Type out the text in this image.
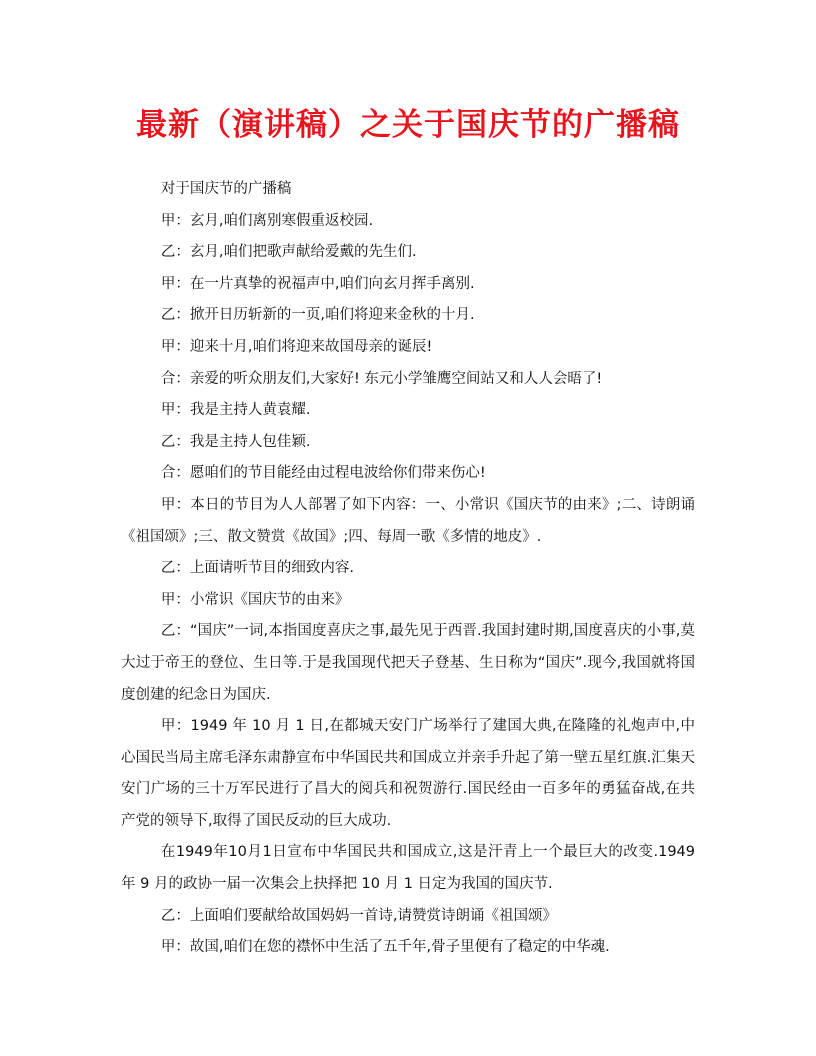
最新（演讲稿）之关于国庆节的广播稿

对于国庆节的广播稿

甲：玄月,咱们离别寒假重返校园.

乙：玄月,咱们把歌声献给爱戴的先生们.

甲：在一片真挚的祝福声中,咱们向玄月挥手离别.

乙：掀开日历斩新的一页,咱们将迎来金秋的十月.

甲：迎来十月,咱们将迎来故国母亲的诞辰!

合：亲爱的听众朋友们,大家好! 东元小学雏鹰空间站又和人人会晤了!

甲：我是主持人黄袁耀.

乙：我是主持人包佳颖.

合：愿咱们的节目能经由过程电波给你们带来伤心!

甲：本日的节目为人人部署了如下内容：一、小常识《国庆节的由来》;二、诗朗诵《祖国颂》;三、散文赞赏《故国》;四、每周一歌《多情的地皮》.

乙：上面请听节目的细致内容.

甲：小常识《国庆节的由来》

乙：“国庆”一词,本指国度喜庆之事,最先见于西晋.我国封建时期,国度喜庆的小事,莫大过于帝王的登位、生日等.于是我国现代把天子登基、生日称为“国庆”.现今,我国就将国度创建的纪念日为国庆.

甲：1949 年 10 月 1 日,在都城天安门广场举行了建国大典,在隆隆的礼炮声中,中心国民当局主席毛泽东肃静宣布中华国民共和国成立并亲手升起了第一壁五星红旗.汇集天安门广场的三十万军民进行了昌大的阅兵和祝贺游行.国民经由一百多年的勇猛奋战,在共产党的领导下,取得了国民反动的巨大成功.

在1949年10月1日宣布中华国民共和国成立,这是汗青上一个最巨大的改变.1949 年 9 月的政协一届一次集会上抉择把 10 月 1 日定为我国的国庆节.

乙：上面咱们要献给故国妈妈一首诗,请赞赏诗朗诵《祖国颂》

甲：故国,咱们在您的襟怀中生活了五千年,骨子里便有了稳定的中华魂.
